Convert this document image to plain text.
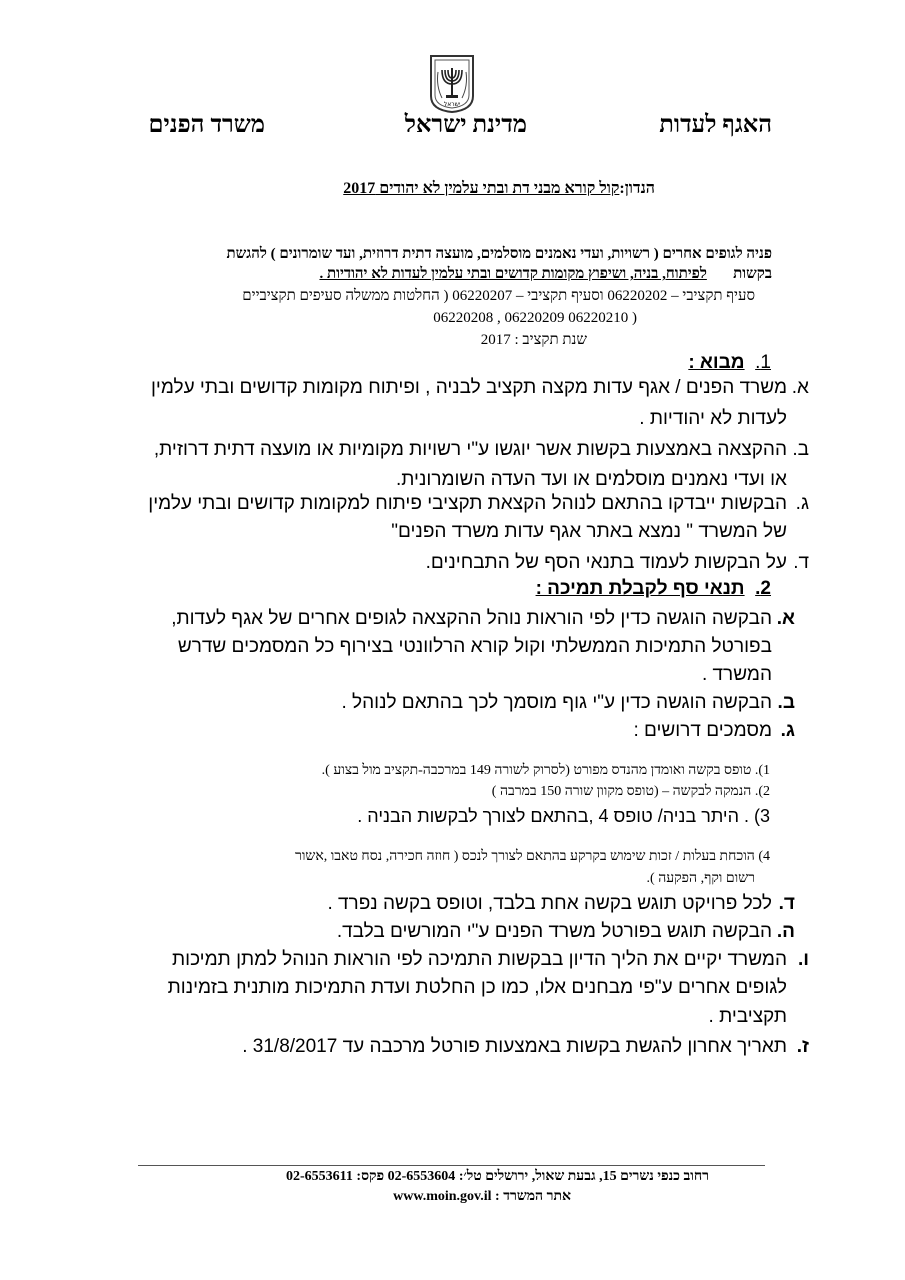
ישראל
האגף לעדות
מדינת ישראל
משרד הפנים
הנדון:קול קורא מבני דת ובתי עלמין לא יהודים 2017
פניה לגופים אחרים ( רשויות, ועדי נאמנים מוסלמים, מועצה דתית דרוזית, ועד שומרונים ) להגשת
בקשות       לפיתוח, בניה, ושיפוץ מקומות קדושים ובתי עלמין לעדות לא יהודיות .
סעיף תקציבי – 06220202 וסעיף תקציבי – 06220207 ( החלטות ממשלה סעיפים תקציביים
( 06220210 06220209 , 06220208
שנת תקציב : 2017
1.  מבוא :
א.
משרד הפנים / אגף עדות מקצה תקציב לבניה , ופיתוח מקומות קדושים ובתי עלמין
לעדות לא יהודיות .
ב.
ההקצאה באמצעות בקשות אשר יוגשו ע"י רשויות מקומיות או מועצה דתית דרוזית,
או ועדי נאמנים מוסלמים או ועד העדה השומרונית.
ג.
הבקשות ייבדקו בהתאם לנוהל הקצאת תקציבי פיתוח למקומות קדושים ובתי עלמין
של המשרד " נמצא באתר אגף עדות משרד הפנים"
ד.
על הבקשות לעמוד בתנאי הסף של התבחינים.
2.  תנאי סף לקבלת תמיכה :
א.
הבקשה הוגשה כדין לפי הוראות נוהל ההקצאה לגופים אחרים של אגף לעדות,
בפורטל התמיכות הממשלתי וקול קורא הרלוונטי בצירוף כל המסמכים שדרש
המשרד .
ב.
הבקשה הוגשה כדין ע"י גוף מוסמך לכך בהתאם לנוהל .
ג.
מסמכים דרושים :
1). טופס בקשה ואומדן מהנדס מפורט (לסרוק לשורה 149 במרכבה-תקציב מול בצוע ).
2). הנמקה לבקשה – (טופס מקוון שורה 150 במרבה )
3) . היתר בניה/ טופס 4 ,בהתאם לצורך לבקשות הבניה .
4) הוכחת בעלות / זכות שימוש בקרקע בהתאם לצורך לנכס ( חוזה חכירה, נסח טאבו ,אשור
רשום וקף, הפקעה ).
ד.
לכל פרויקט תוגש בקשה אחת בלבד, וטופס בקשה נפרד .
ה.
הבקשה תוגש בפורטל משרד הפנים ע"י המורשים בלבד.
ו.
המשרד יקיים את הליך הדיון בבקשות התמיכה לפי הוראות הנוהל למתן תמיכות
לגופים אחרים ע"פי מבחנים אלו, כמו כן החלטת ועדת התמיכות מותנית בזמינות
תקציבית .
ז.
תאריך אחרון להגשת בקשות באמצעות פורטל מרכבה עד 31/8/2017 .
רחוב כנפי נשרים 15, גבעת שאול, ירושלים טל׳: 02-6553604 פקס: 02-6553611
אתר המשרד : www.moin.gov.il
